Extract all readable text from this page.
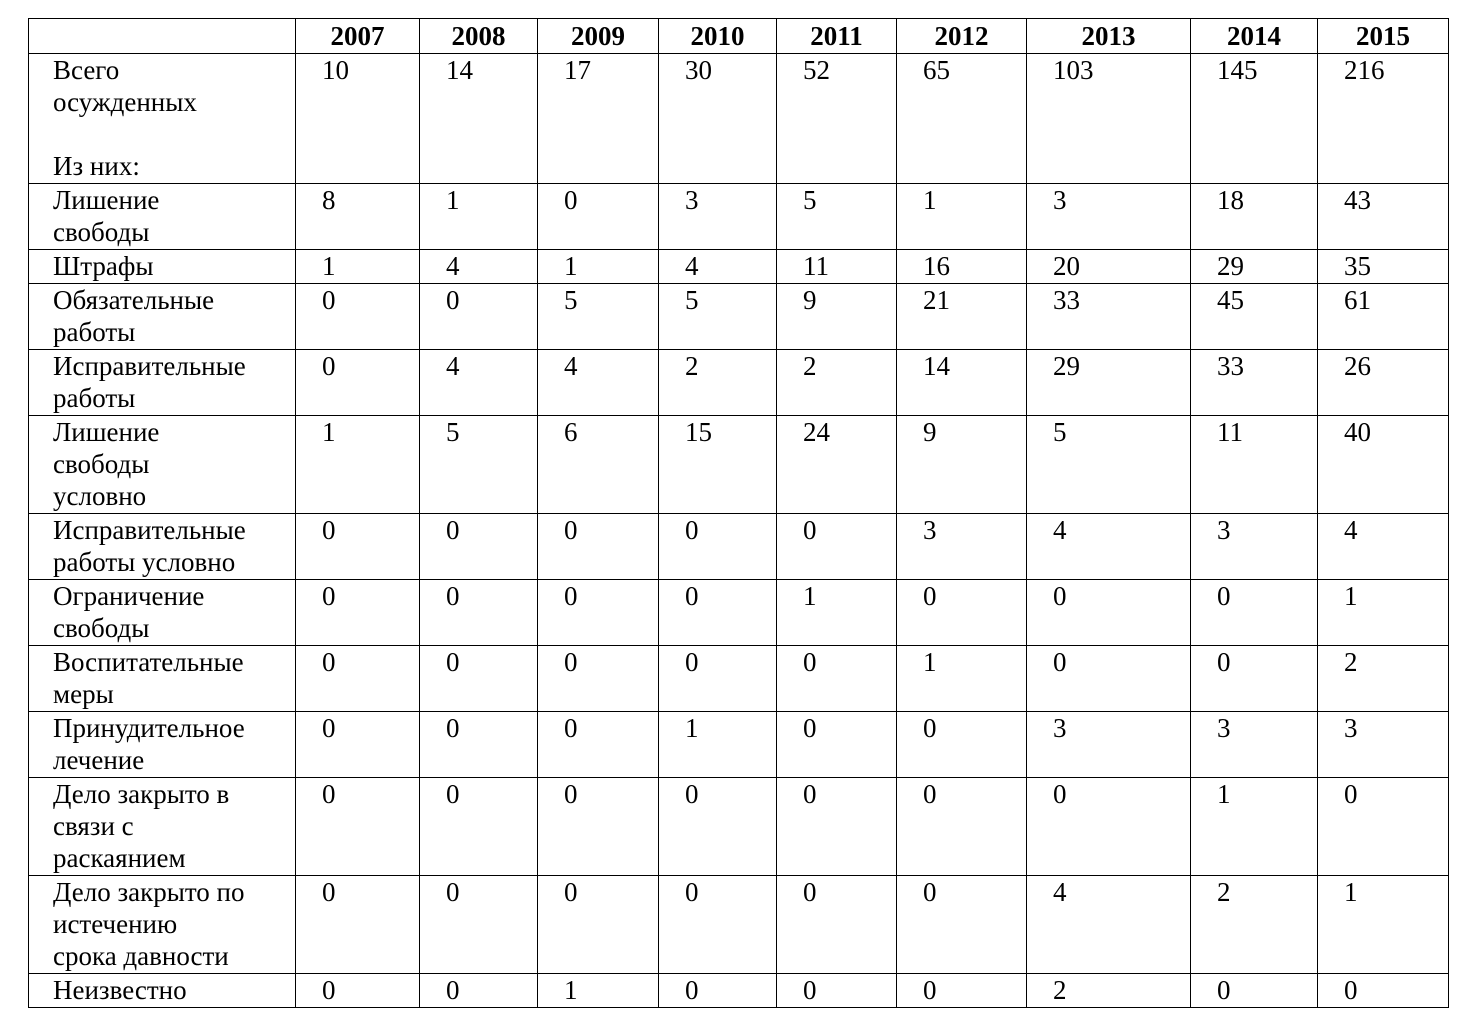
	2007	2008	2009	2010	2011	2012	2013	2014	2015

Всего
осужденных

Из них:	10	14	17	30	52	65	103	145	216

Лишение
свободы	8	1	0	3	5	1	3	18	43

Штрафы	1	4	1	4	11	16	20	29	35

Обязательные
работы	0	0	5	5	9	21	33	45	61

Исправительные
работы	0	4	4	2	2	14	29	33	26

Лишение
свободы
условно	1	5	6	15	24	9	5	11	40

Исправительные
работы условно	0	0	0	0	0	3	4	3	4

Ограничение
свободы	0	0	0	0	1	0	0	0	1

Воспитательные
меры	0	0	0	0	0	1	0	0	2

Принудительное
лечение	0	0	0	1	0	0	3	3	3

Дело закрыто в
связи с
раскаянием	0	0	0	0	0	0	0	1	0

Дело закрыто по
истечению
срока давности	0	0	0	0	0	0	4	2	1

Неизвестно	0	0	1	0	0	0	2	0	0
